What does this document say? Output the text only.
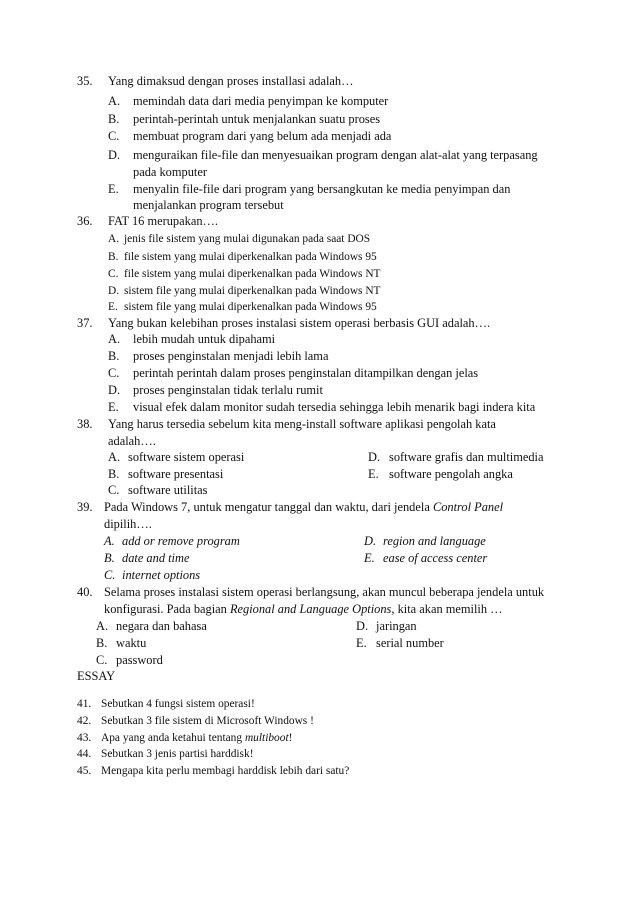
35. Yang dimaksud dengan proses installasi adalah…
A. memindah data dari media penyimpan ke komputer
B. perintah-perintah untuk menjalankan suatu proses
C. membuat program dari yang belum ada menjadi ada
D. menguraikan file-file dan menyesuaikan program dengan alat-alat yang terpasang
pada komputer
E. menyalin file-file dari program yang bersangkutan ke media penyimpan dan
menjalankan program tersebut
36. FAT 16 merupakan….
A. jenis file sistem yang mulai digunakan pada saat DOS
B. file sistem yang mulai diperkenalkan pada Windows 95
C. file sistem yang mulai diperkenalkan pada Windows NT
D. sistem file yang mulai diperkenalkan pada Windows NT
E. sistem file yang mulai diperkenalkan pada Windows 95
37. Yang bukan kelebihan proses instalasi sistem operasi berbasis GUI adalah….
A. lebih mudah untuk dipahami
B. proses penginstalan menjadi lebih lama
C. perintah perintah dalam proses penginstalan ditampilkan dengan jelas
D. proses penginstalan tidak terlalu rumit
E. visual efek dalam monitor sudah tersedia sehingga lebih menarik bagi indera kita
38. Yang harus tersedia sebelum kita meng-install software aplikasi pengolah kata
adalah….
A. software sistem operasi
B. software presentasi
C. software utilitas
D. software grafis dan multimedia
E. software pengolah angka
39. Pada Windows 7, untuk mengatur tanggal dan waktu, dari jendela Control Panel
dipilih….
A. add or remove program
B. date and time
C. internet options
D. region and language
E. ease of access center
40. Selama proses instalasi sistem operasi berlangsung, akan muncul beberapa jendela untuk
konfigurasi. Pada bagian Regional and Language Options, kita akan memilih …
A. negara dan bahasa
B. waktu
C. password
D. jaringan
E. serial number
ESSAY
41. Sebutkan 4 fungsi sistem operasi!
42. Sebutkan 3 file sistem di Microsoft Windows !
43. Apa yang anda ketahui tentang multiboot!
44. Sebutkan 3 jenis partisi harddisk!
45. Mengapa kita perlu membagi harddisk lebih dari satu?
